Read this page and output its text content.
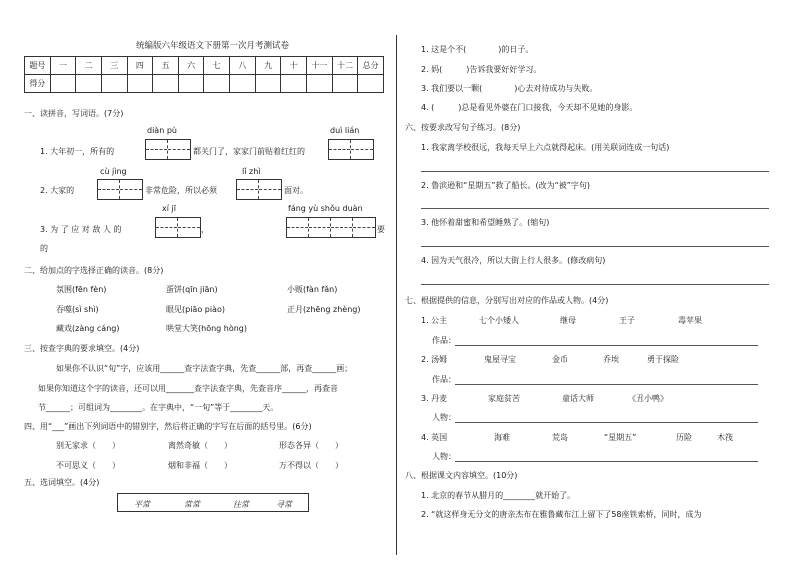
统编版六年级语文下册第一次月考测试卷
题号	一	二	三	四	五	六	七	八	九	十	十一	十二	总分
得分													
一、读拼音，写词语。(7分)
diàn pù	duì lián
1. 大年初一，所有的	都关门了，家家门前贴着红红的
cù jìng	lǐ zhì
2. 大家的	非常危险，所以必须	面对。
xí jī	fáng yù shǒu duàn
3. 为 了 应 对 敌 人 的	，	要
的
二、给加点的字选择正确的读音。(8分)
氛围(fēn fèn)	蛋饼(qīn jiān)	小贩(fàn fǎn)
吞噬(sì shì)	眼见(piāo piào)	正月(zhēng zhèng)
藏戏(zàng cáng)	哄堂大笑(hōng hòng)
三、按查字典的要求填空。(4分)
如果你不认识“旬”字，应该用______查字法查字典，先查______部，再查______画；
如果你知道这个字的读音，还可以用_______查字法查字典，先查音序______，再查音
节______；可组词为________。在字典中，“一旬”等于________天。
四、用“___”画出下列词语中的错别字，然后将正确的字写在后面的括号里。(6分)
别无家求（　　）	离然奇敏（　　）	形态各异（　　）
不可思义（　　）	烟和非福（　　）	万不得以（　　）
五、选词填空。(4分)
平常	常常	往常	寻常
1. 这是个不(　　　　)的日子。
2. 妈(　　　)告诉我要好好学习。
3. 我们要以一颗(　　　　)心去对待成功与失败。
4. (　　　)总是看见外婆在门口接我，今天却不见她的身影。
六、按要求改写句子练习。(8分)
1. 我家离学校很远，我每天早上六点就得起床。(用关联词连成一句话)
2. 鲁滨逊和“星期五”救了船长。(改为“被”字句)
3. 他怀着甜蜜和希望睡熟了。(缩句)
4. 因为天气很冷，所以大街上行人很多。(修改病句)
七、根据提供的信息，分别写出对应的作品或人物。(4分)
1. 公主	七个小矮人	继母	王子	毒苹果
作品：
2. 汤姆	鬼屋寻宝	金币	乔埃	勇于探险
作品：
3. 丹麦	家庭贫苦	童话大师	《丑小鸭》
人物：
4. 英国	海难	荒岛	“星期五”	历险	木筏
人物：
八、根据课文内容填空。(10分)
1. 北京的春节从腊月的________就开始了。
2. “就这样身无分文的唐亲杰布在雅鲁藏布江上留下了58座铁索桥，同时，成为
